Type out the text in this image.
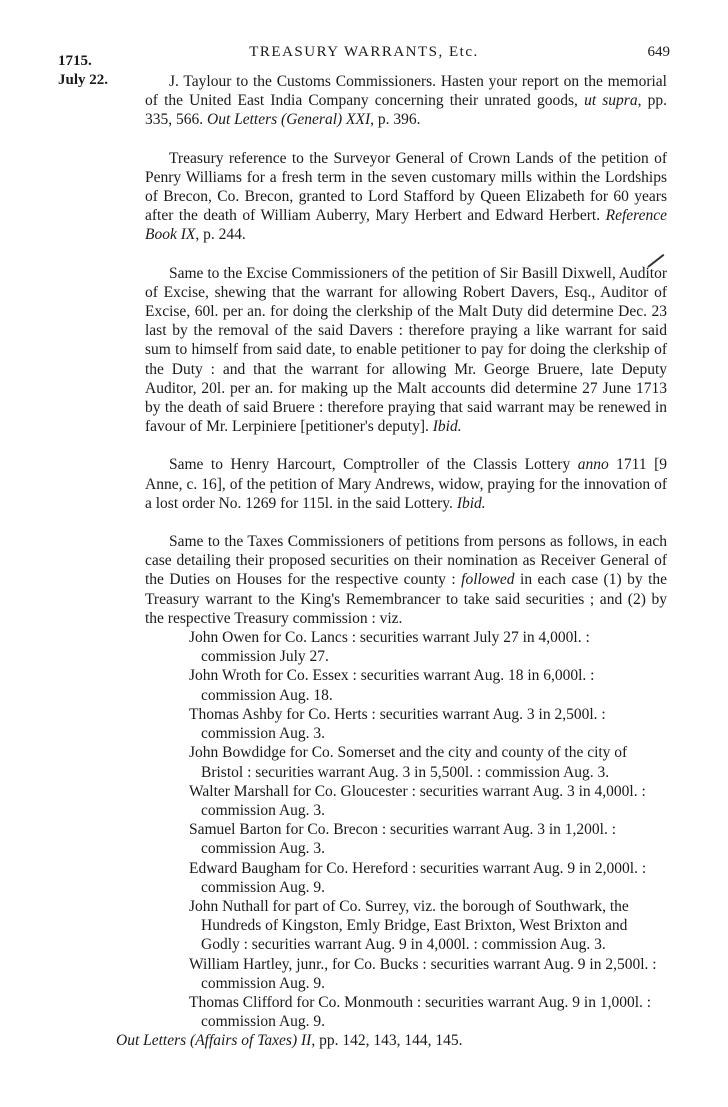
1715.
July 22.
TREASURY WARRANTS, Etc.	649

J. Taylour to the Customs Commissioners. Hasten your report on the memorial of the United East India Company concerning their unrated goods, ut supra, pp. 335, 566. Out Letters (General) XXI, p. 396.

Treasury reference to the Surveyor General of Crown Lands of the petition of Penry Williams for a fresh term in the seven customary mills within the Lordships of Brecon, Co. Brecon, granted to Lord Stafford by Queen Elizabeth for 60 years after the death of William Auberry, Mary Herbert and Edward Herbert. Reference Book IX, p. 244.

Same to the Excise Commissioners of the petition of Sir Basill Dixwell, Auditor of Excise, shewing that the warrant for allowing Robert Davers, Esq., Auditor of Excise, 60l. per an. for doing the clerkship of the Malt Duty did determine Dec. 23 last by the removal of the said Davers : therefore praying a like warrant for said sum to himself from said date, to enable petitioner to pay for doing the clerkship of the Duty : and that the warrant for allowing Mr. George Bruere, late Deputy Auditor, 20l. per an. for making up the Malt accounts did determine 27 June 1713 by the death of said Bruere : therefore praying that said warrant may be renewed in favour of Mr. Lerpiniere [petitioner's deputy]. Ibid.

Same to Henry Harcourt, Comptroller of the Classis Lottery anno 1711 [9 Anne, c. 16], of the petition of Mary Andrews, widow, praying for the innovation of a lost order No. 1269 for 115l. in the said Lottery. Ibid.

Same to the Taxes Commissioners of petitions from persons as follows, in each case detailing their proposed securities on their nomination as Receiver General of the Duties on Houses for the respective county : followed in each case (1) by the Treasury warrant to the King's Remembrancer to take said securities ; and (2) by the respective Treasury commission : viz.

John Owen for Co. Lancs : securities warrant July 27 in 4,000l. : commission July 27.
John Wroth for Co. Essex : securities warrant Aug. 18 in 6,000l. : commission Aug. 18.
Thomas Ashby for Co. Herts : securities warrant Aug. 3 in 2,500l. : commission Aug. 3.
John Bowdidge for Co. Somerset and the city and county of the city of Bristol : securities warrant Aug. 3 in 5,500l. : commission Aug. 3.
Walter Marshall for Co. Gloucester : securities warrant Aug. 3 in 4,000l. : commission Aug. 3.
Samuel Barton for Co. Brecon : securities warrant Aug. 3 in 1,200l. : commission Aug. 3.
Edward Baugham for Co. Hereford : securities warrant Aug. 9 in 2,000l. : commission Aug. 9.
John Nuthall for part of Co. Surrey, viz. the borough of Southwark, the Hundreds of Kingston, Emly Bridge, East Brixton, West Brixton and Godly : securities warrant Aug. 9 in 4,000l. : commission Aug. 3.
William Hartley, junr., for Co. Bucks : securities warrant Aug. 9 in 2,500l. : commission Aug. 9.
Thomas Clifford for Co. Monmouth : securities warrant Aug. 9 in 1,000l. : commission Aug. 9.

Out Letters (Affairs of Taxes) II, pp. 142, 143, 144, 145.
